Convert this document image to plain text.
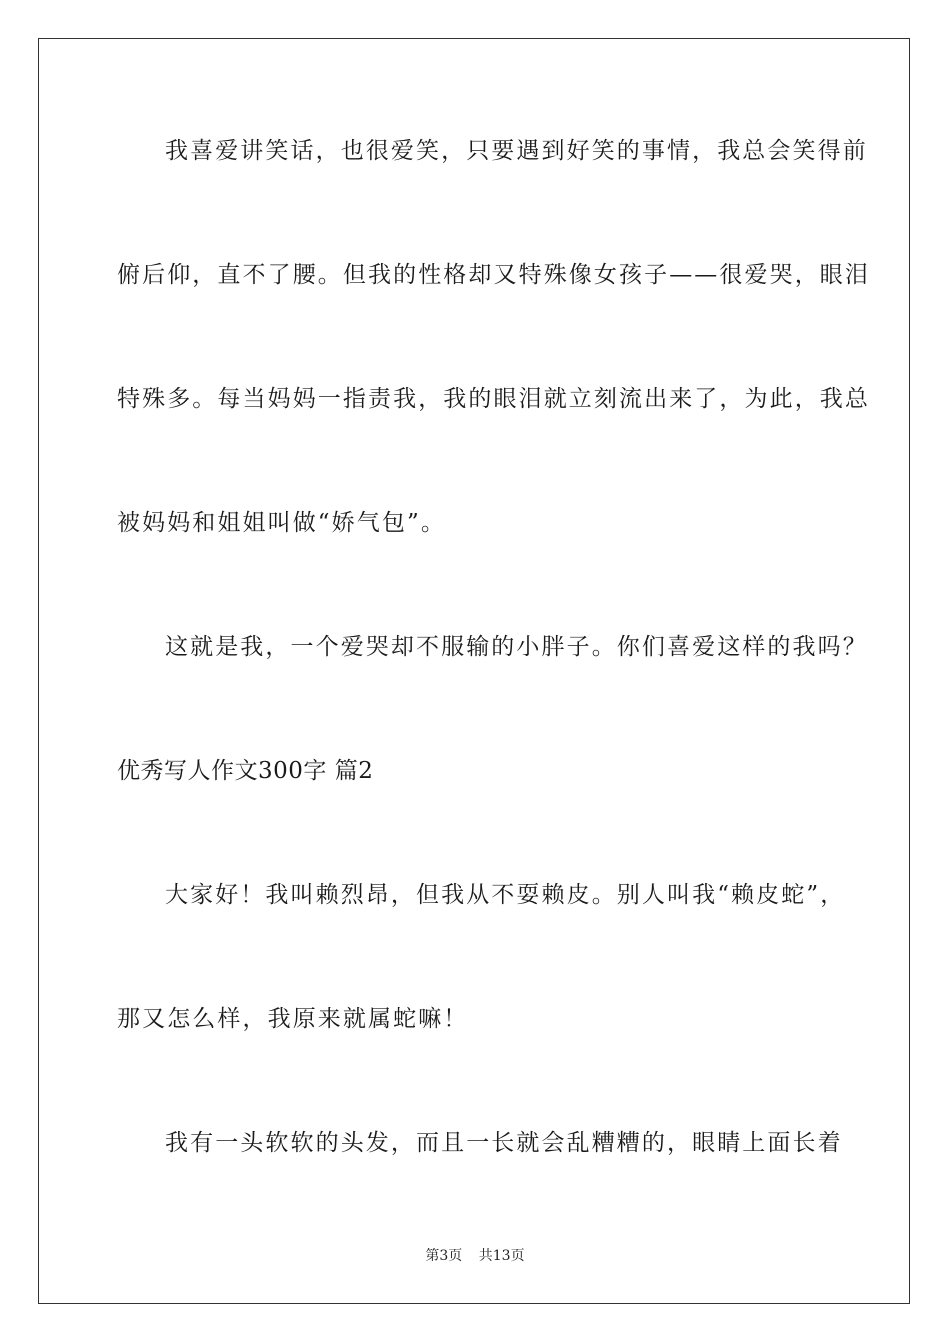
我喜爱讲笑话，也很爱笑，只要遇到好笑的事情，我总会笑得前
俯后仰，直不了腰。但我的性格却又特殊像女孩子——很爱哭，眼泪
特殊多。每当妈妈一指责我，我的眼泪就立刻流出来了，为此，我总
被妈妈和姐姐叫做“娇气包”。
这就是我，一个爱哭却不服输的小胖子。你们喜爱这样的我吗？
优秀写人作文300字 篇2
大家好！我叫赖烈昂，但我从不耍赖皮。别人叫我“赖皮蛇”，
那又怎么样，我原来就属蛇嘛！
我有一头软软的头发，而且一长就会乱糟糟的，眼睛上面长着
第3页 共13页
